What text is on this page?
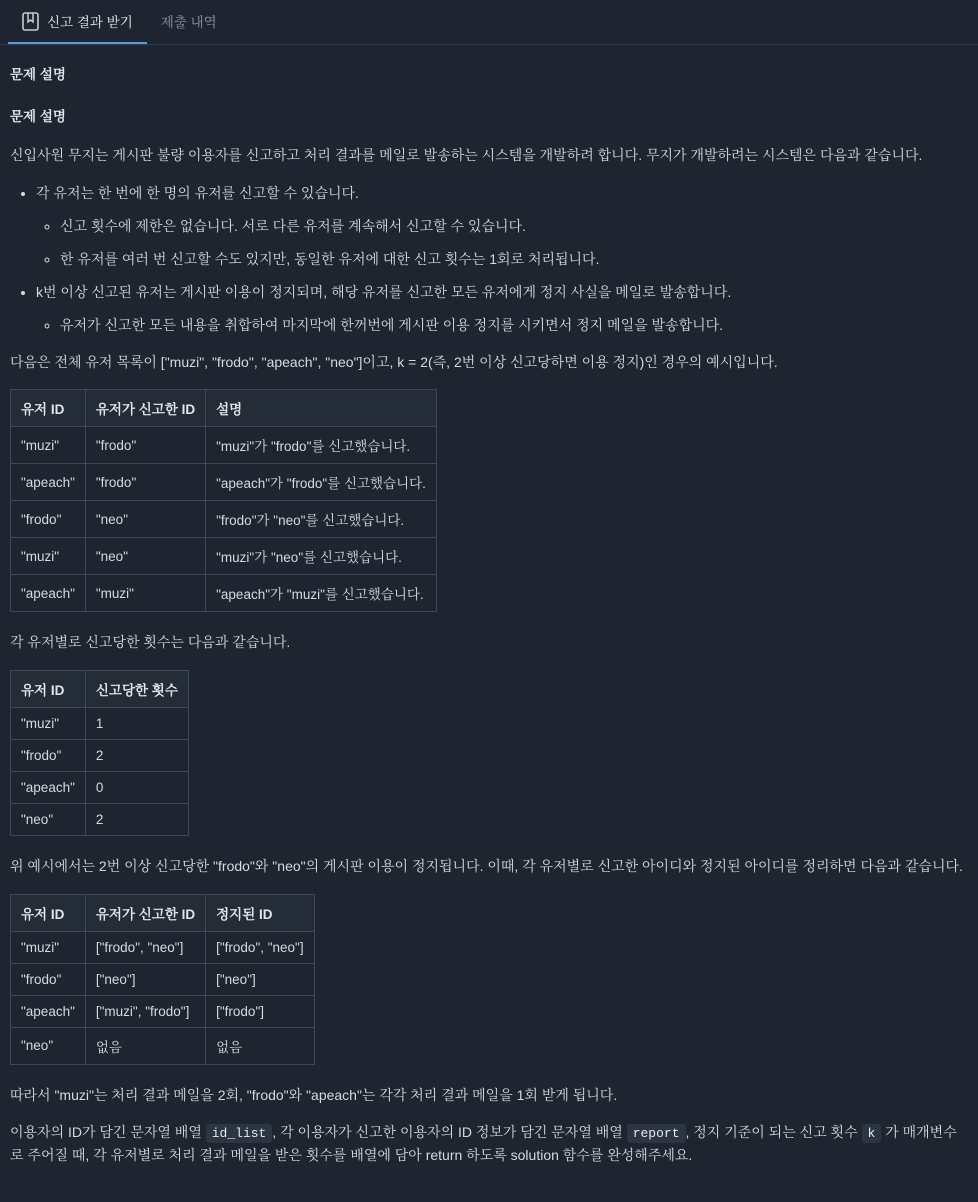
신고 결과 받기 제출 내역
문제 설명
문제 설명

신입사원 무지는 게시판 불량 이용자를 신고하고 처리 결과를 메일로 발송하는 시스템을 개발하려 합니다. 무지가 개발하려는 시스템은 다음과 같습니다.

• 각 유저는 한 번에 한 명의 유저를 신고할 수 있습니다.
◦ 신고 횟수에 제한은 없습니다. 서로 다른 유저를 계속해서 신고할 수 있습니다.
◦ 한 유저를 여러 번 신고할 수도 있지만, 동일한 유저에 대한 신고 횟수는 1회로 처리됩니다.
• k번 이상 신고된 유저는 게시판 이용이 정지되며, 해당 유저를 신고한 모든 유저에게 정지 사실을 메일로 발송합니다.
◦ 유저가 신고한 모든 내용을 취합하여 마지막에 한꺼번에 게시판 이용 정지를 시키면서 정지 메일을 발송합니다.

다음은 전체 유저 목록이 ["muzi", "frodo", "apeach", "neo"]이고, k = 2(즉, 2번 이상 신고당하면 이용 정지)인 경우의 예시입니다.

유저 ID	유저가 신고한 ID	설명
"muzi"	"frodo"	"muzi"가 "frodo"를 신고했습니다.
"apeach"	"frodo"	"apeach"가 "frodo"를 신고했습니다.
"frodo"	"neo"	"frodo"가 "neo"를 신고했습니다.
"muzi"	"neo"	"muzi"가 "neo"를 신고했습니다.
"apeach"	"muzi"	"apeach"가 "muzi"를 신고했습니다.

각 유저별로 신고당한 횟수는 다음과 같습니다.

유저 ID	신고당한 횟수
"muzi"	1
"frodo"	2
"apeach"	0
"neo"	2

위 예시에서는 2번 이상 신고당한 "frodo"와 "neo"의 게시판 이용이 정지됩니다. 이때, 각 유저별로 신고한 아이디와 정지된 아이디를 정리하면 다음과 같습니다.

유저 ID	유저가 신고한 ID	정지된 ID
"muzi"	["frodo", "neo"]	["frodo", "neo"]
"frodo"	["neo"]	["neo"]
"apeach"	["muzi", "frodo"]	["frodo"]
"neo"	없음	없음

따라서 "muzi"는 처리 결과 메일을 2회, "frodo"와 "apeach"는 각각 처리 결과 메일을 1회 받게 됩니다.

이용자의 ID가 담긴 문자열 배열 id_list , 각 이용자가 신고한 이용자의 ID 정보가 담긴 문자열 배열 report , 정지 기준이 되는 신고 횟수 k 가 매개변수로 주어질 때, 각 유저별로 처리 결과 메일을 받은 횟수를 배열에 담아 return 하도록 solution 함수를 완성해주세요.
